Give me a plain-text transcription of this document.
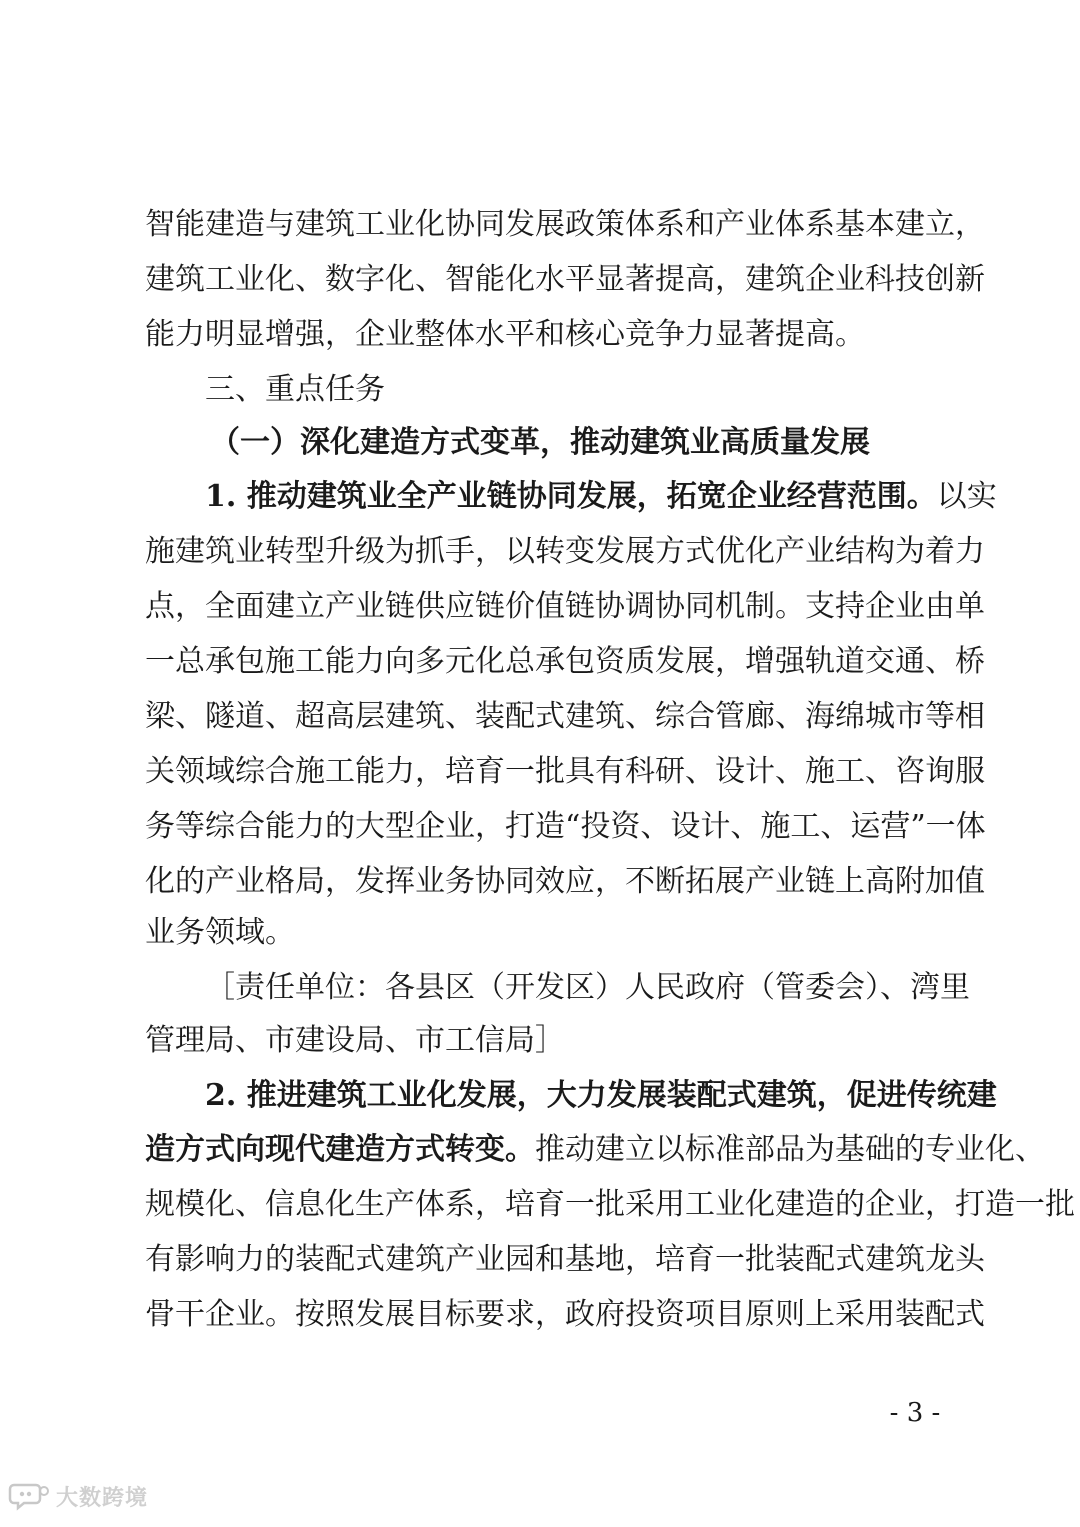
智能建造与建筑工业化协同发展政策体系和产业体系基本建立，
建筑工业化、数字化、智能化水平显著提高，建筑企业科技创新
能力明显增强，企业整体水平和核心竞争力显著提高。
三、重点任务
（一）深化建造方式变革，推动建筑业高质量发展
1. 推动建筑业全产业链协同发展，拓宽企业经营范围。以实
施建筑业转型升级为抓手，以转变发展方式优化产业结构为着力
点，全面建立产业链供应链价值链协调协同机制。支持企业由单
一总承包施工能力向多元化总承包资质发展，增强轨道交通、桥
梁、隧道、超高层建筑、装配式建筑、综合管廊、海绵城市等相
关领域综合施工能力，培育一批具有科研、设计、施工、咨询服
务等综合能力的大型企业，打造“投资、设计、施工、运营”一体
化的产业格局，发挥业务协同效应，不断拓展产业链上高附加值
业务领域。
［责任单位：各县区（开发区）人民政府（管委会）、湾里
管理局、市建设局、市工信局］
2. 推进建筑工业化发展，大力发展装配式建筑，促进传统建
造方式向现代建造方式转变。推动建立以标准部品为基础的专业化、
规模化、信息化生产体系，培育一批采用工业化建造的企业，打造一批
有影响力的装配式建筑产业园和基地，培育一批装配式建筑龙头
骨干企业。按照发展目标要求，政府投资项目原则上采用装配式
- 3 -
大数跨境
